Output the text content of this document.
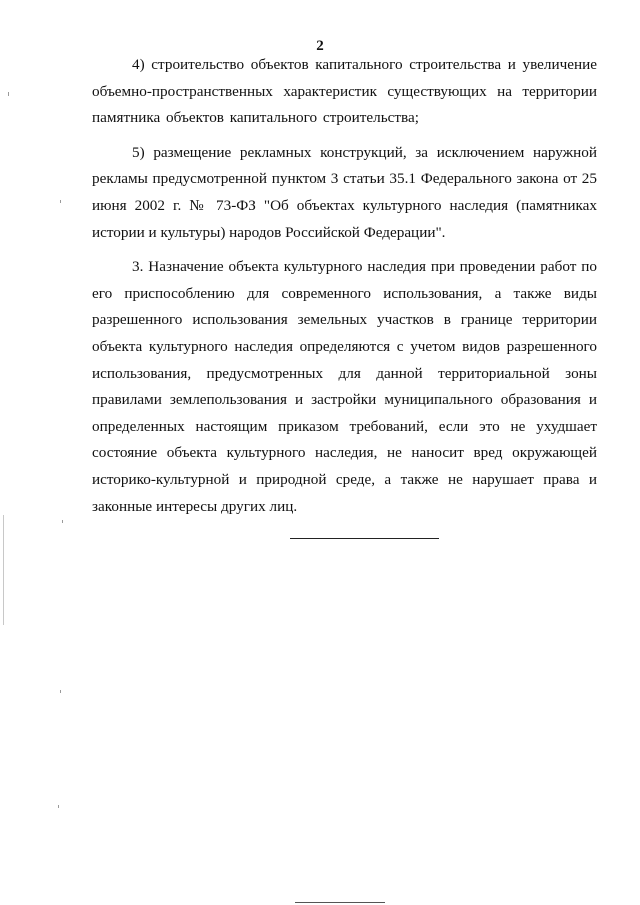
2

4) строительство объектов капитального строительства и увеличение объемно-пространственных характеристик существующих на территории памятника объектов капитального строительства;

5) размещение рекламных конструкций, за исключением наружной рекламы предусмотренной пунктом 3 статьи 35.1 Федерального закона от 25 июня 2002 г. № 73-ФЗ "Об объектах культурного наследия (памятниках истории и культуры) народов Российской Федерации".

3. Назначение объекта культурного наследия при проведении работ по его приспособлению для современного использования, а также виды разрешенного использования земельных участков в границе территории объекта культурного наследия определяются с учетом видов разрешенного использования, предусмотренных для данной территориальной зоны правилами землепользования и застройки муниципального образования и определенных настоящим приказом требований, если это не ухудшает состояние объекта культурного наследия, не наносит вред окружающей историко-культурной и природной среде, а также не нарушает права и законные интересы других лиц.
